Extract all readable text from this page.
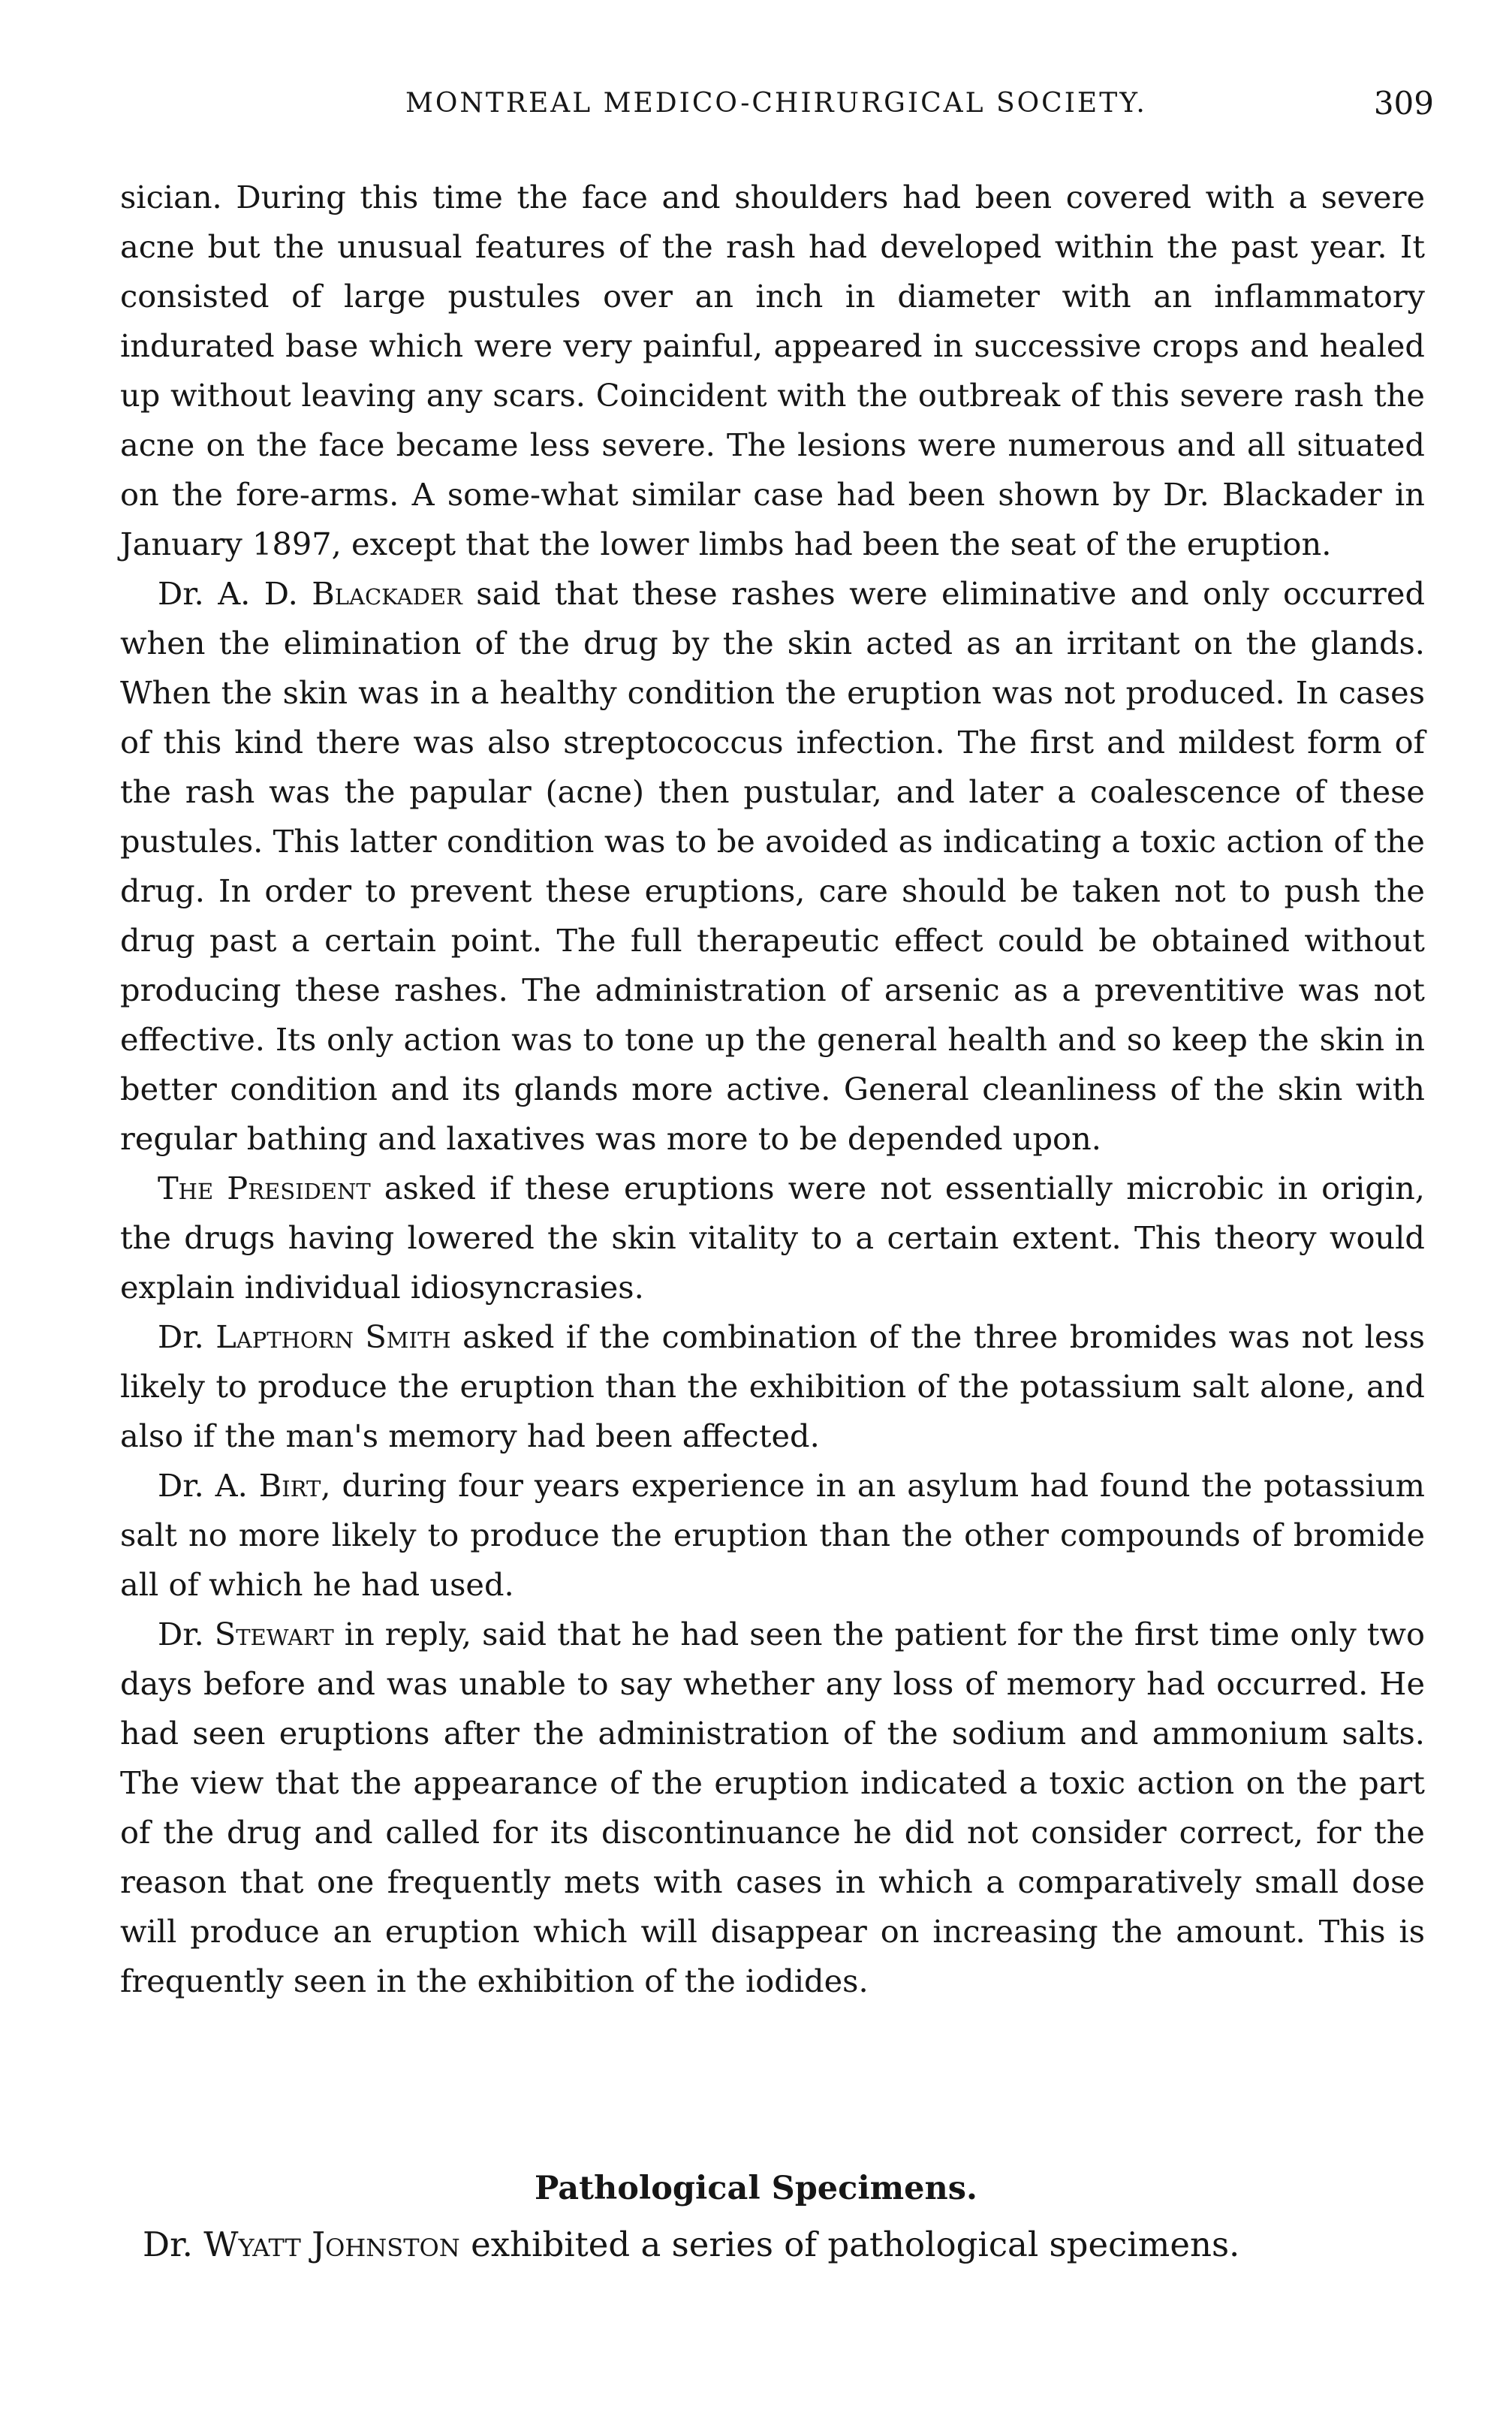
MONTREAL MEDICO-CHIRURGICAL SOCIETY.	309

sician. During this time the face and shoulders had been covered with a severe acne but the unusual features of the rash had developed within the past year. It consisted of large pustules over an inch in diameter with an inflammatory indurated base which were very painful, appeared in successive crops and healed up without leaving any scars. Coincident with the outbreak of this severe rash the acne on the face became less severe. The lesions were numerous and all situated on the fore-arms. A some-what similar case had been shown by Dr. Blackader in January 1897, except that the lower limbs had been the seat of the eruption.

Dr. A. D. Blackader said that these rashes were eliminative and only occurred when the elimination of the drug by the skin acted as an irritant on the glands. When the skin was in a healthy condition the eruption was not produced. In cases of this kind there was also streptococcus infection. The first and mildest form of the rash was the papular (acne) then pustular, and later a coalescence of these pustules. This latter condition was to be avoided as indicating a toxic action of the drug. In order to prevent these eruptions, care should be taken not to push the drug past a certain point. The full therapeutic effect could be obtained without producing these rashes. The administration of arsenic as a preventitive was not effective. Its only action was to tone up the general health and so keep the skin in better condition and its glands more active. General cleanliness of the skin with regular bathing and laxatives was more to be depended upon.

The President asked if these eruptions were not essentially microbic in origin, the drugs having lowered the skin vitality to a certain extent. This theory would explain individual idiosyncrasies.

Dr. Lapthorn Smith asked if the combination of the three bromides was not less likely to produce the eruption than the exhibition of the potassium salt alone, and also if the man's memory had been affected.

Dr. A. Birt, during four years experience in an asylum had found the potassium salt no more likely to produce the eruption than the other compounds of bromide all of which he had used.

Dr. Stewart in reply, said that he had seen the patient for the first time only two days before and was unable to say whether any loss of memory had occurred. He had seen eruptions after the administration of the sodium and ammonium salts. The view that the appearance of the eruption indicated a toxic action on the part of the drug and called for its discontinuance he did not consider correct, for the reason that one frequently mets with cases in which a comparatively small dose will produce an eruption which will disappear on increasing the amount. This is frequently seen in the exhibition of the iodides.

Pathological Specimens.
Dr. Wyatt Johnston exhibited a series of pathological specimens.
